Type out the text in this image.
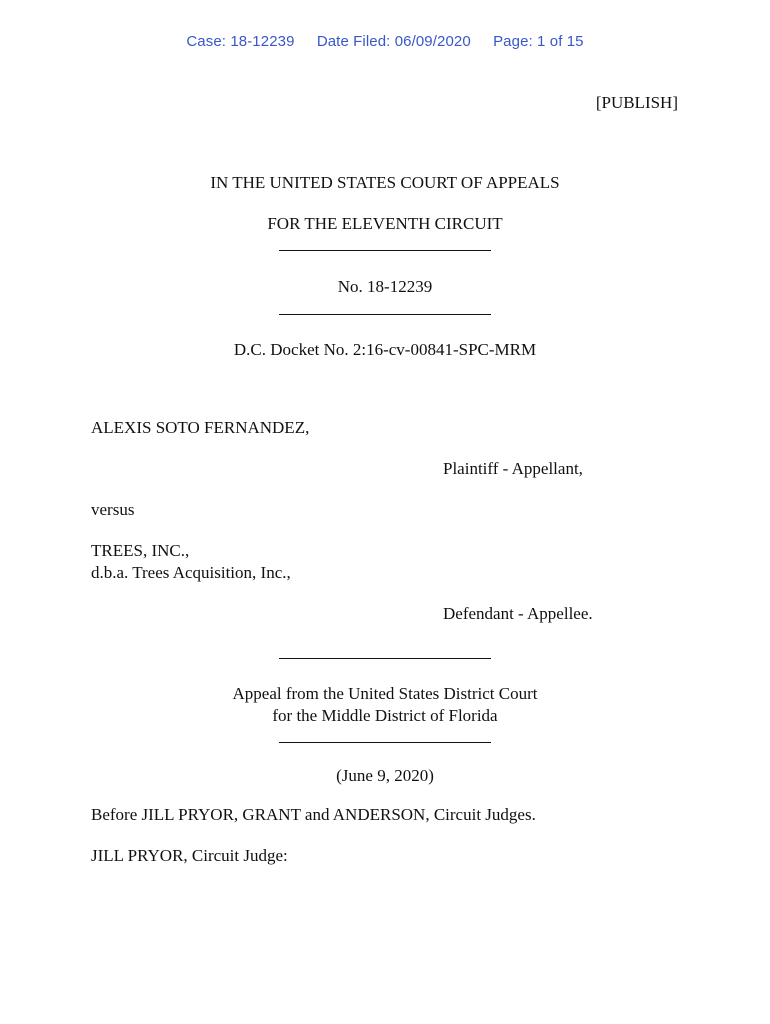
Case: 18-12239 Date Filed: 06/09/2020 Page: 1 of 15
[PUBLISH]
IN THE UNITED STATES COURT OF APPEALS
FOR THE ELEVENTH CIRCUIT
No. 18-12239
D.C. Docket No. 2:16-cv-00841-SPC-MRM
ALEXIS SOTO FERNANDEZ,
Plaintiff - Appellant,
versus
TREES, INC.,
d.b.a. Trees Acquisition, Inc.,
Defendant - Appellee.
Appeal from the United States District Court
for the Middle District of Florida
(June 9, 2020)
Before JILL PRYOR, GRANT and ANDERSON, Circuit Judges.
JILL PRYOR, Circuit Judge:
